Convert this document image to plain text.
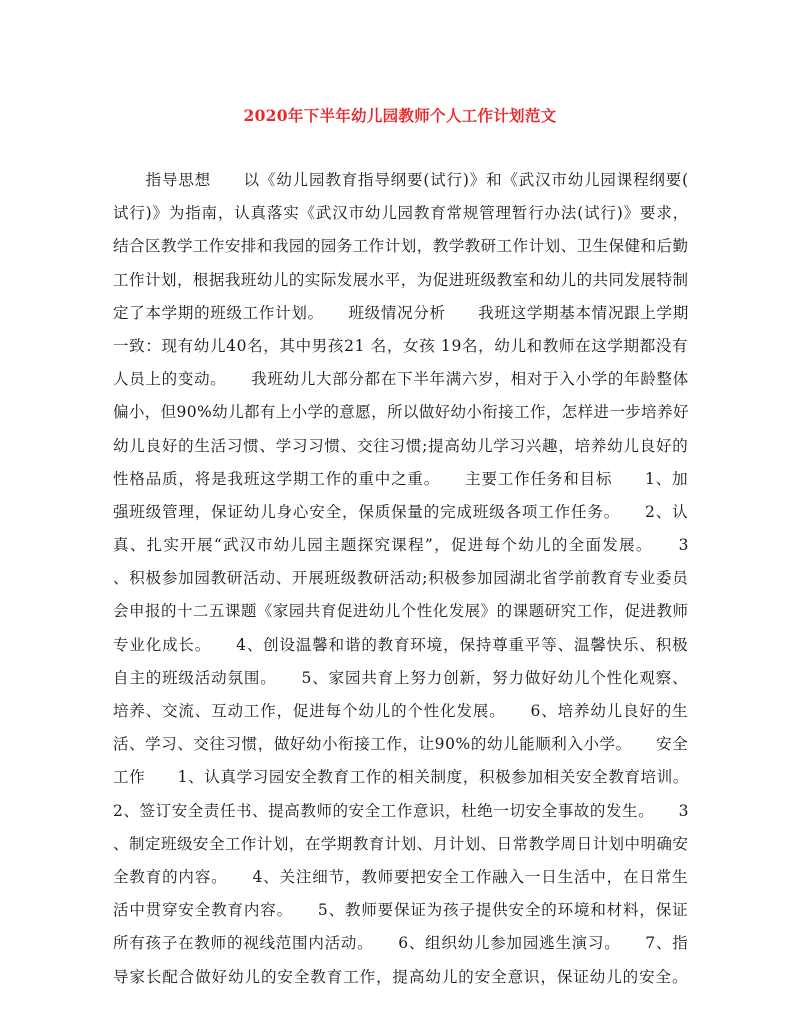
2020年下半年幼儿园教师个人工作计划范文
　　指导思想　　以《幼儿园教育指导纲要(试行)》和《武汉市幼儿园课程纲要(
试行)》为指南，认真落实《武汉市幼儿园教育常规管理暂行办法(试行)》要求，
结合区教学工作安排和我园的园务工作计划，教学教研工作计划、卫生保健和后勤
工作计划，根据我班幼儿的实际发展水平，为促进班级教室和幼儿的共同发展特制
定了本学期的班级工作计划。　　班级情况分析　　我班这学期基本情况跟上学期
一致：现有幼儿40名，其中男孩21 名，女孩 19名，幼儿和教师在这学期都没有
人员上的变动。　　我班幼儿大部分都在下半年满六岁，相对于入小学的年龄整体
偏小，但90%幼儿都有上小学的意愿，所以做好幼小衔接工作，怎样进一步培养好
幼儿良好的生活习惯、学习习惯、交往习惯;提高幼儿学习兴趣，培养幼儿良好的
性格品质，将是我班这学期工作的重中之重。　　主要工作任务和目标　　1、加
强班级管理，保证幼儿身心安全，保质保量的完成班级各项工作任务。　　2、认
真、扎实开展“武汉市幼儿园主题探究课程”，促进每个幼儿的全面发展。　　3
、积极参加园教研活动、开展班级教研活动;积极参加园湖北省学前教育专业委员
会申报的十二五课题《家园共育促进幼儿个性化发展》的课题研究工作，促进教师
专业化成长。　　4、创设温馨和谐的教育环境，保持尊重平等、温馨快乐、积极
自主的班级活动氛围。　　5、家园共育上努力创新，努力做好幼儿个性化观察、
培养、交流、互动工作，促进每个幼儿的个性化发展。　　6、培养幼儿良好的生
活、学习、交往习惯，做好幼小衔接工作，让90%的幼儿能顺利入小学。　　安全
工作　　1、认真学习园安全教育工作的相关制度，积极参加相关安全教育培训。
2、签订安全责任书、提高教师的安全工作意识，杜绝一切安全事故的发生。　　3
、制定班级安全工作计划，在学期教育计划、月计划、日常教学周日计划中明确安
全教育的内容。　　4、关注细节，教师要把安全工作融入一日生活中，在日常生
活中贯穿安全教育内容。　　5、教师要保证为孩子提供安全的环境和材料，保证
所有孩子在教师的视线范围内活动。　　6、组织幼儿参加园逃生演习。　　7、指
导家长配合做好幼儿的安全教育工作，提高幼儿的安全意识，保证幼儿的安全。
